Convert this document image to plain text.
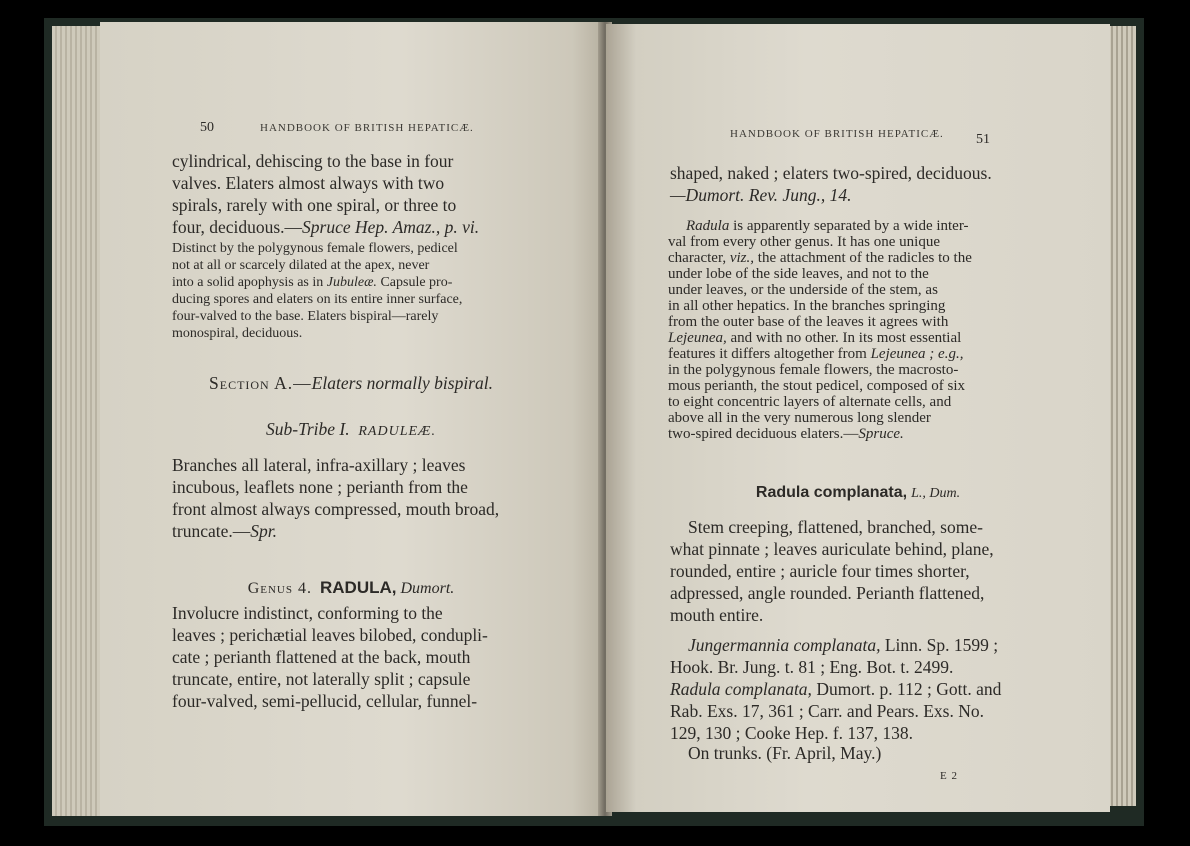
50	HANDBOOK OF BRITISH HEPATICÆ.

cylindrical, dehiscing to the base in four

valves. Elaters almost always with two

spirals, rarely with one spiral, or three to

four, deciduous.—Spruce Hep. Amaz., p. vi.

Distinct by the polygynous female flowers, pedicel

not at all or scarcely dilated at the apex, never

into a solid apophysis as in Jubuleæ. Capsule pro-

ducing spores and elaters on its entire inner surface,

four-valved to the base. Elaters bispiral—rarely

monospiral, deciduous.

Section A.—Elaters normally bispiral.
Sub-Tribe I. RADULEÆ.

Branches all lateral, infra-axillary ; leaves

incubous, leaflets none ; perianth from the

front almost always compressed, mouth broad,

truncate.—Spr.

Genus 4. RADULA, Dumort.

Involucre indistinct, conforming to the

leaves ; perichætial leaves bilobed, condupli-

cate ; perianth flattened at the back, mouth

truncate, entire, not laterally split ; capsule

four-valved, semi-pellucid, cellular, funnel-

HANDBOOK OF BRITISH HEPATICÆ. 51

shaped, naked ; elaters two-spired, deciduous.

—Dumort. Rev. Jung., 14.

Radula is apparently separated by a wide inter-

val from every other genus. It has one unique

character, viz., the attachment of the radicles to the

under lobe of the side leaves, and not to the

under leaves, or the underside of the stem, as

in all other hepatics. In the branches springing

from the outer base of the leaves it agrees with

Lejeunea, and with no other. In its most essential

features it differs altogether from Lejeunea ; e.g.,

in the polygynous female flowers, the macrosto-

mous perianth, the stout pedicel, composed of six

to eight concentric layers of alternate cells, and

above all in the very numerous long slender

two-spired deciduous elaters.—Spruce.

Radula complanata, L., Dum.

Stem creeping, flattened, branched, some-

what pinnate ; leaves auriculate behind, plane,

rounded, entire ; auricle four times shorter,

adpressed, angle rounded. Perianth flattened,

mouth entire.

Jungermannia complanata, Linn. Sp. 1599 ;

Hook. Br. Jung. t. 81 ; Eng. Bot. t. 2499.

Radula complanata, Dumort. p. 112 ; Gott. and

Rab. Exs. 17, 361 ; Carr. and Pears. Exs. No.

129, 130 ; Cooke Hep. f. 137, 138.

On trunks. (Fr. April, May.)
E 2
